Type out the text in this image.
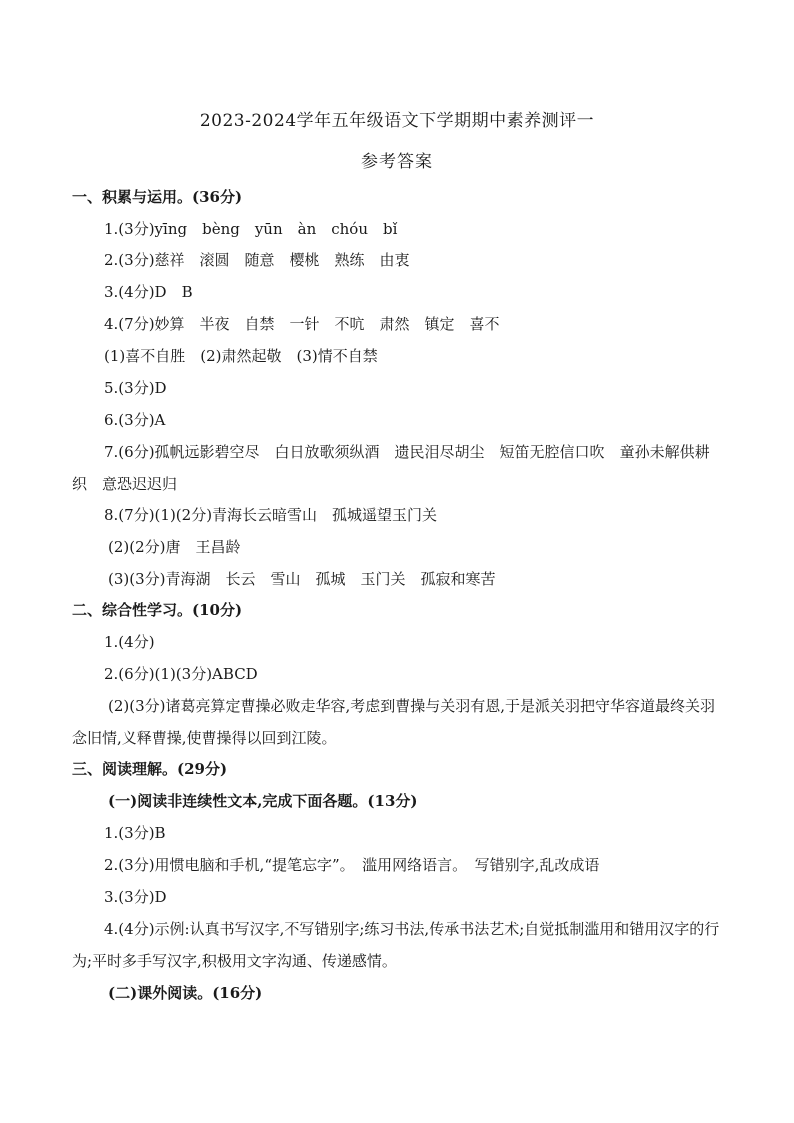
2023-2024学年五年级语文下学期期中素养测评一
参考答案
一、积累与运用。(36分)
1.(3分)yīng　bèng　yūn　àn　chóu　bǐ
2.(3分)慈祥　滚圆　随意　樱桃　熟练　由衷
3.(4分)D　B
4.(7分)妙算　半夜　自禁　一针　不吭　肃然　镇定　喜不
(1)喜不自胜　(2)肃然起敬　(3)情不自禁
5.(3分)D
6.(3分)A
7.(6分)孤帆远影碧空尽　白日放歌须纵酒　遗民泪尽胡尘　短笛无腔信口吹　童孙未解供耕织　意恐迟迟归
8.(7分)(1)(2分)青海长云暗雪山　孤城遥望玉门关
(2)(2分)唐　王昌龄
(3)(3分)青海湖　长云　雪山　孤城　玉门关　孤寂和寒苦
二、综合性学习。(10分)
1.(4分)
2.(6分)(1)(3分)ABCD
(2)(3分)诸葛亮算定曹操必败走华容,考虑到曹操与关羽有恩,于是派关羽把守华容道最终关羽念旧情,义释曹操,使曹操得以回到江陵。
三、阅读理解。(29分)
(一)阅读非连续性文本,完成下面各题。(13分)
1.(3分)B
2.(3分)用惯电脑和手机,“提笔忘字”。　滥用网络语言。　写错别字,乱改成语
3.(3分)D
4.(4分)示例:认真书写汉字,不写错别字;练习书法,传承书法艺术;自觉抵制滥用和错用汉字的行为;平时多手写汉字,积极用文字沟通、传递感情。
(二)课外阅读。(16分)
